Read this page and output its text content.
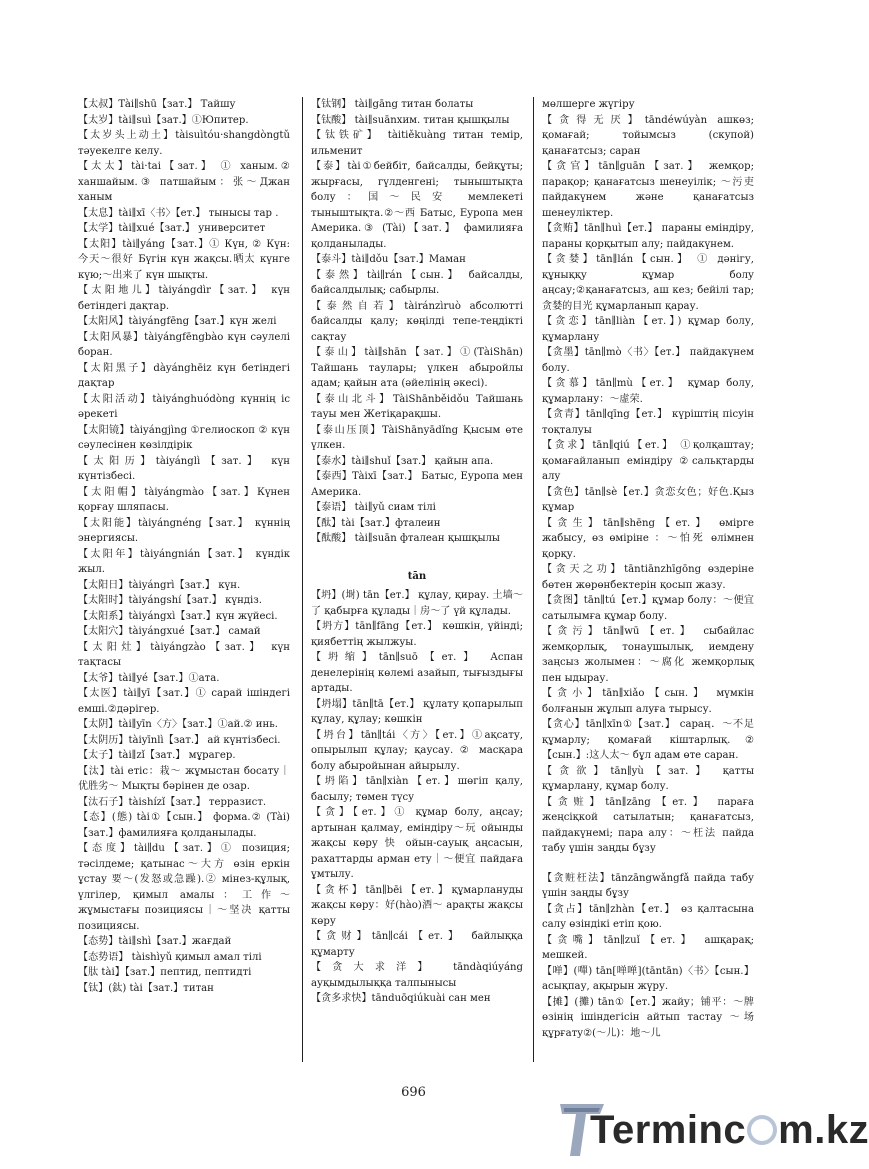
【太叔】Tài∥shū【зат.】 Тайшу

【太岁】tài∥suì【зат.】①Юпитер.

【太岁头上动土】tàisuìtóu·shangdòngtǔ тәуекелге келу.

【太太】tài·tai【зат.】 ① ханым.② ханшайым.③ патшайым：张～Джан ханым

【太息】tài∥xī〈书〉【ет.】 тынысы тар .

【太学】tài∥xué【зат.】 университет

【太阳】tài∥yáng【зат.】① Күн, ② Күн: 今天～很好 Бүгін күн жақсы.晒太 күнге күю;～出来了 күн шықты.

【太阳地儿】tàiyángdìr【зат.】 күн бетіндегі дақтар.

【太阳风】tàiyángfēng【зат.】күн желі

【太阳风暴】tàiyángfēngbào күн сәулелі боран.

【太阳黑子】dàyánghēiz күн бетіндегі дақтар

【太阳活动】tàiyánghuódòng күннің іс әрекеті

【太阳镜】tàiyángjìng ①гелиоскоп ② күн сәулесінен көзілдірік

【太阳历】tàiyánglì【зат.】 күн күнтізбесі.

【太阳帽】tàiyángmào【зат.】Күнен қорғау шляпасы.

【太阳能】tàiyángnéng【зат.】 күннің энергиясы.

【太阳年】tàiyángnián【зат.】 күндік жыл.

【太阳日】tàiyángrì【зат.】 күн.

【太阳时】tàiyángshí【зат.】 күндіз.

【太阳系】tàiyángxì【зат.】күн жүйесі.

【太阳穴】tàiyángxué【зат.】 самай

【太阳灶】tàiyángzào【зат.】 күн тақтасы

【太爷】tài∥yé【зат.】①ата.

【太医】tài∥yī【зат.】① сарай ішіндегі емші.②дәрігер.

【太阴】tài∥yīn〈方〉【зат.】①ай.② инь.

【太阴历】tàiyīnlì【зат.】 ай күнтізбесі.

【太子】tài∥zǐ【зат.】 мұрагер.

【汰】tài етіс：栽～ жұмыстан босату｜优胜劣～ Мықты бәрінен де озар.

【汰石子】tàishízǐ【зат.】 терразист.

【态】(態) tài①【сын.】 форма.② (Tài)【зат.】фамилияға қолданылады.

【态度】tài∥du【зат.】① позиция; тәсілдеме; қатынас～大方 өзін еркін ұстау 要～(发怒或急躁).② мінез-құлық, үлгілер, қимыл амалы：工作～ жұмыстағы позициясы｜～坚决 қатты позициясы.

【态势】tài∥shì【зат.】жағдай

【态势语】 tàishìyǔ қимыл амал тілі

【肽 tài】【зат.】пептид, пептидті

【钛】(鈦) tài【зат.】титан

【钛钢】 tài∥gāng титан болаты

【钛酸】 tài∥suānхим. титан қышқылы

【钛铁矿】 tàitiěkuàng титан темір, ильменит

【泰】tài①бейбіт, байсалды, бейқұты; жырғасы, гүлденгені; тыныштықта болу：国～民安 мемлекеті тыныштықта.②～西 Батыс, Еуропа мен Америка.③ (Tài)【зат.】 фамилияға қолданылады.

【泰斗】tài∥dǒu【зат.】Маман

【泰然】tài∥rán【сын.】 байсалды, байсалдылық; сабырлы.

【泰然自若】tàiránzìruò абсолютті байсалды қалу; көңілді тепе-теңдікті сақтау

【泰山】tài∥shān【зат.】①(TàiShān) Тайшань таулары; үлкен абыройлы адам; қайын ата (әйелінің әкесі).

【泰山北斗】TàiShānběidǒu Тайшань тауы мен Жетіқарақшы.

【泰山压顶】TàiShānyādǐng Қысым өте үлкен.

【泰水】tài∥shuǐ【зат.】 қайын апа.

【泰西】Tàixī【зат.】 Батыс, Еуропа мен Америка.

【泰语】 tài∥yǔ сиам тілі

【酞】tài【зат.】фталеин

【酞酸】 tài∥suān фталеан қышқылы

tān

【坍】(埘) tān【ет.】 құлау, қирау. 土墙～了 қабырға құлады｜房～了 үй құлады.

【坍方】tān∥fāng【ет.】 көшкін, үйінді; қиябеттің жылжуы.

【坍缩】tān∥suō【ет.】 Аспан денелерінің көлемі азайып, тығыздығы артады.

【坍塌】tān∥tā【ет.】 құлату қопарылып құлау, құлау; көшкін

【坍台】tān∥tái〈方〉【ет.】①ақсату, опырылып құлау; қаусау. ② масқара болу абыройынан айырылу.

【坍陷】tān∥xiàn【ет.】шөгіп қалу, басылу; төмен түсу

【贪】【ет.】① құмар болу, аңсау; артынан қалмау, еміндіру～玩 ойынды жақсы көру 快 ойын-сауық аңсасын, рахаттарды арман ету｜～便宜 пайдаға ұмтылу.

【贪杯】tān∥bēi【ет.】құмарлануды жақсы көру：好(hào)酒～ арақты жақсы көру

【贪财】tān∥cái【ет.】 байлыққа құмарту

【贪大求洋】 tāndàqiúyáng ауқымдылыққа талпынысы

【贪多求快】tānduōqiúkuài сан мен

мөлшерге жүгіру

【贪得无厌】tāndéwúyàn ашкөз; қомағай; тойымсыз (скупой) қанағатсыз; саран

【贪官】tān∥guān【зат.】 жемқор; парақор; қанағатсыз шенеуілік; ～污吏 пайдакүнем және қанағатсыз шенеуліктер.

【贪贿】tān∥huì【ет.】 параны еміндіру, параны қорқытып алу; пайдакүнем.

【贪婪】tān∥lán【сын.】 ① дәнігу, құныққу құмар болу аңсау;②қанағатсыз, аш кез; бейілі тар; 贪婪的目光 құмарланып қарау.

【贪恋】tān∥liàn【ет.】) құмар болу, құмарлану

【贪墨】tān∥mò〈书〉【ет.】 пайдакүнем болу.

【贪慕】tān∥mù【ет.】 құмар болу, құмарлану：～虚荣.

【贪青】tān∥qīng【ет.】 күріштің пісуін тоқталуы

【贪求】tān∥qiú【ет.】 ①қолқаштау; қомағайланып еміндіру ②сальқтарды алу

【贪色】tān∥sè【ет.】贪恋女色；好色.Қыз құмар

【贪生】tān∥shēng【ет.】 өмірге жабысу, өз өміріне ：～怕死 өлімнен қорқу.

【贪天之功】tāntiānzhīgōng өздеріне бөтен жөрөнбектерін қосып жазу.

【贪图】tān∥tú【ет.】құмар болу：～便宜 сатылымға құмар болу.

【贪污】tān∥wū【ет.】 сыбайлас жемқорлық, тонаушылық, иемдену заңсыз жолымен：～腐化 жемқорлық пен ыдырау.

【贪小】tān∥xiǎo【сын.】 мүмкін болғанын жұлып алуға тырысу.

【贪心】tān∥xīn①【зат.】 сараң．～不足 құмарлу; қомағай кіштарлық.②【сын.】:这人太～ бұл адам өте саран.

【贪欲】tān∥yù【зат.】 қатты құмарлану, құмар болу.

【贪赃】tān∥zāng【ет.】 параға жеңсіқкой сатылатын; қанағатсыз, пайдакүнемі; пара алу：～枉法 пайда табу үшін заңды бұзу

【贪赃枉法】tānzāngwǎngfǎ пайда табу үшін заңды бұзу

【贪占】tān∥zhàn【ет.】 өз қалтасына салу өзіндікі етіп қою.

【贪嘴】tān∥zuǐ【ет.】 ашқарақ; мешкей.

【啴】(嘽) tān[啴啴](tāntān)〈书〉【сын.】асықпау, ақырын жүру.

【摊】(攤) tān①【ет.】жайу；铺平：～牌 өзінің ішіндегісін айтып тастау ～场 құрғату②(～儿)：地～儿

696
Terminc m.kz
